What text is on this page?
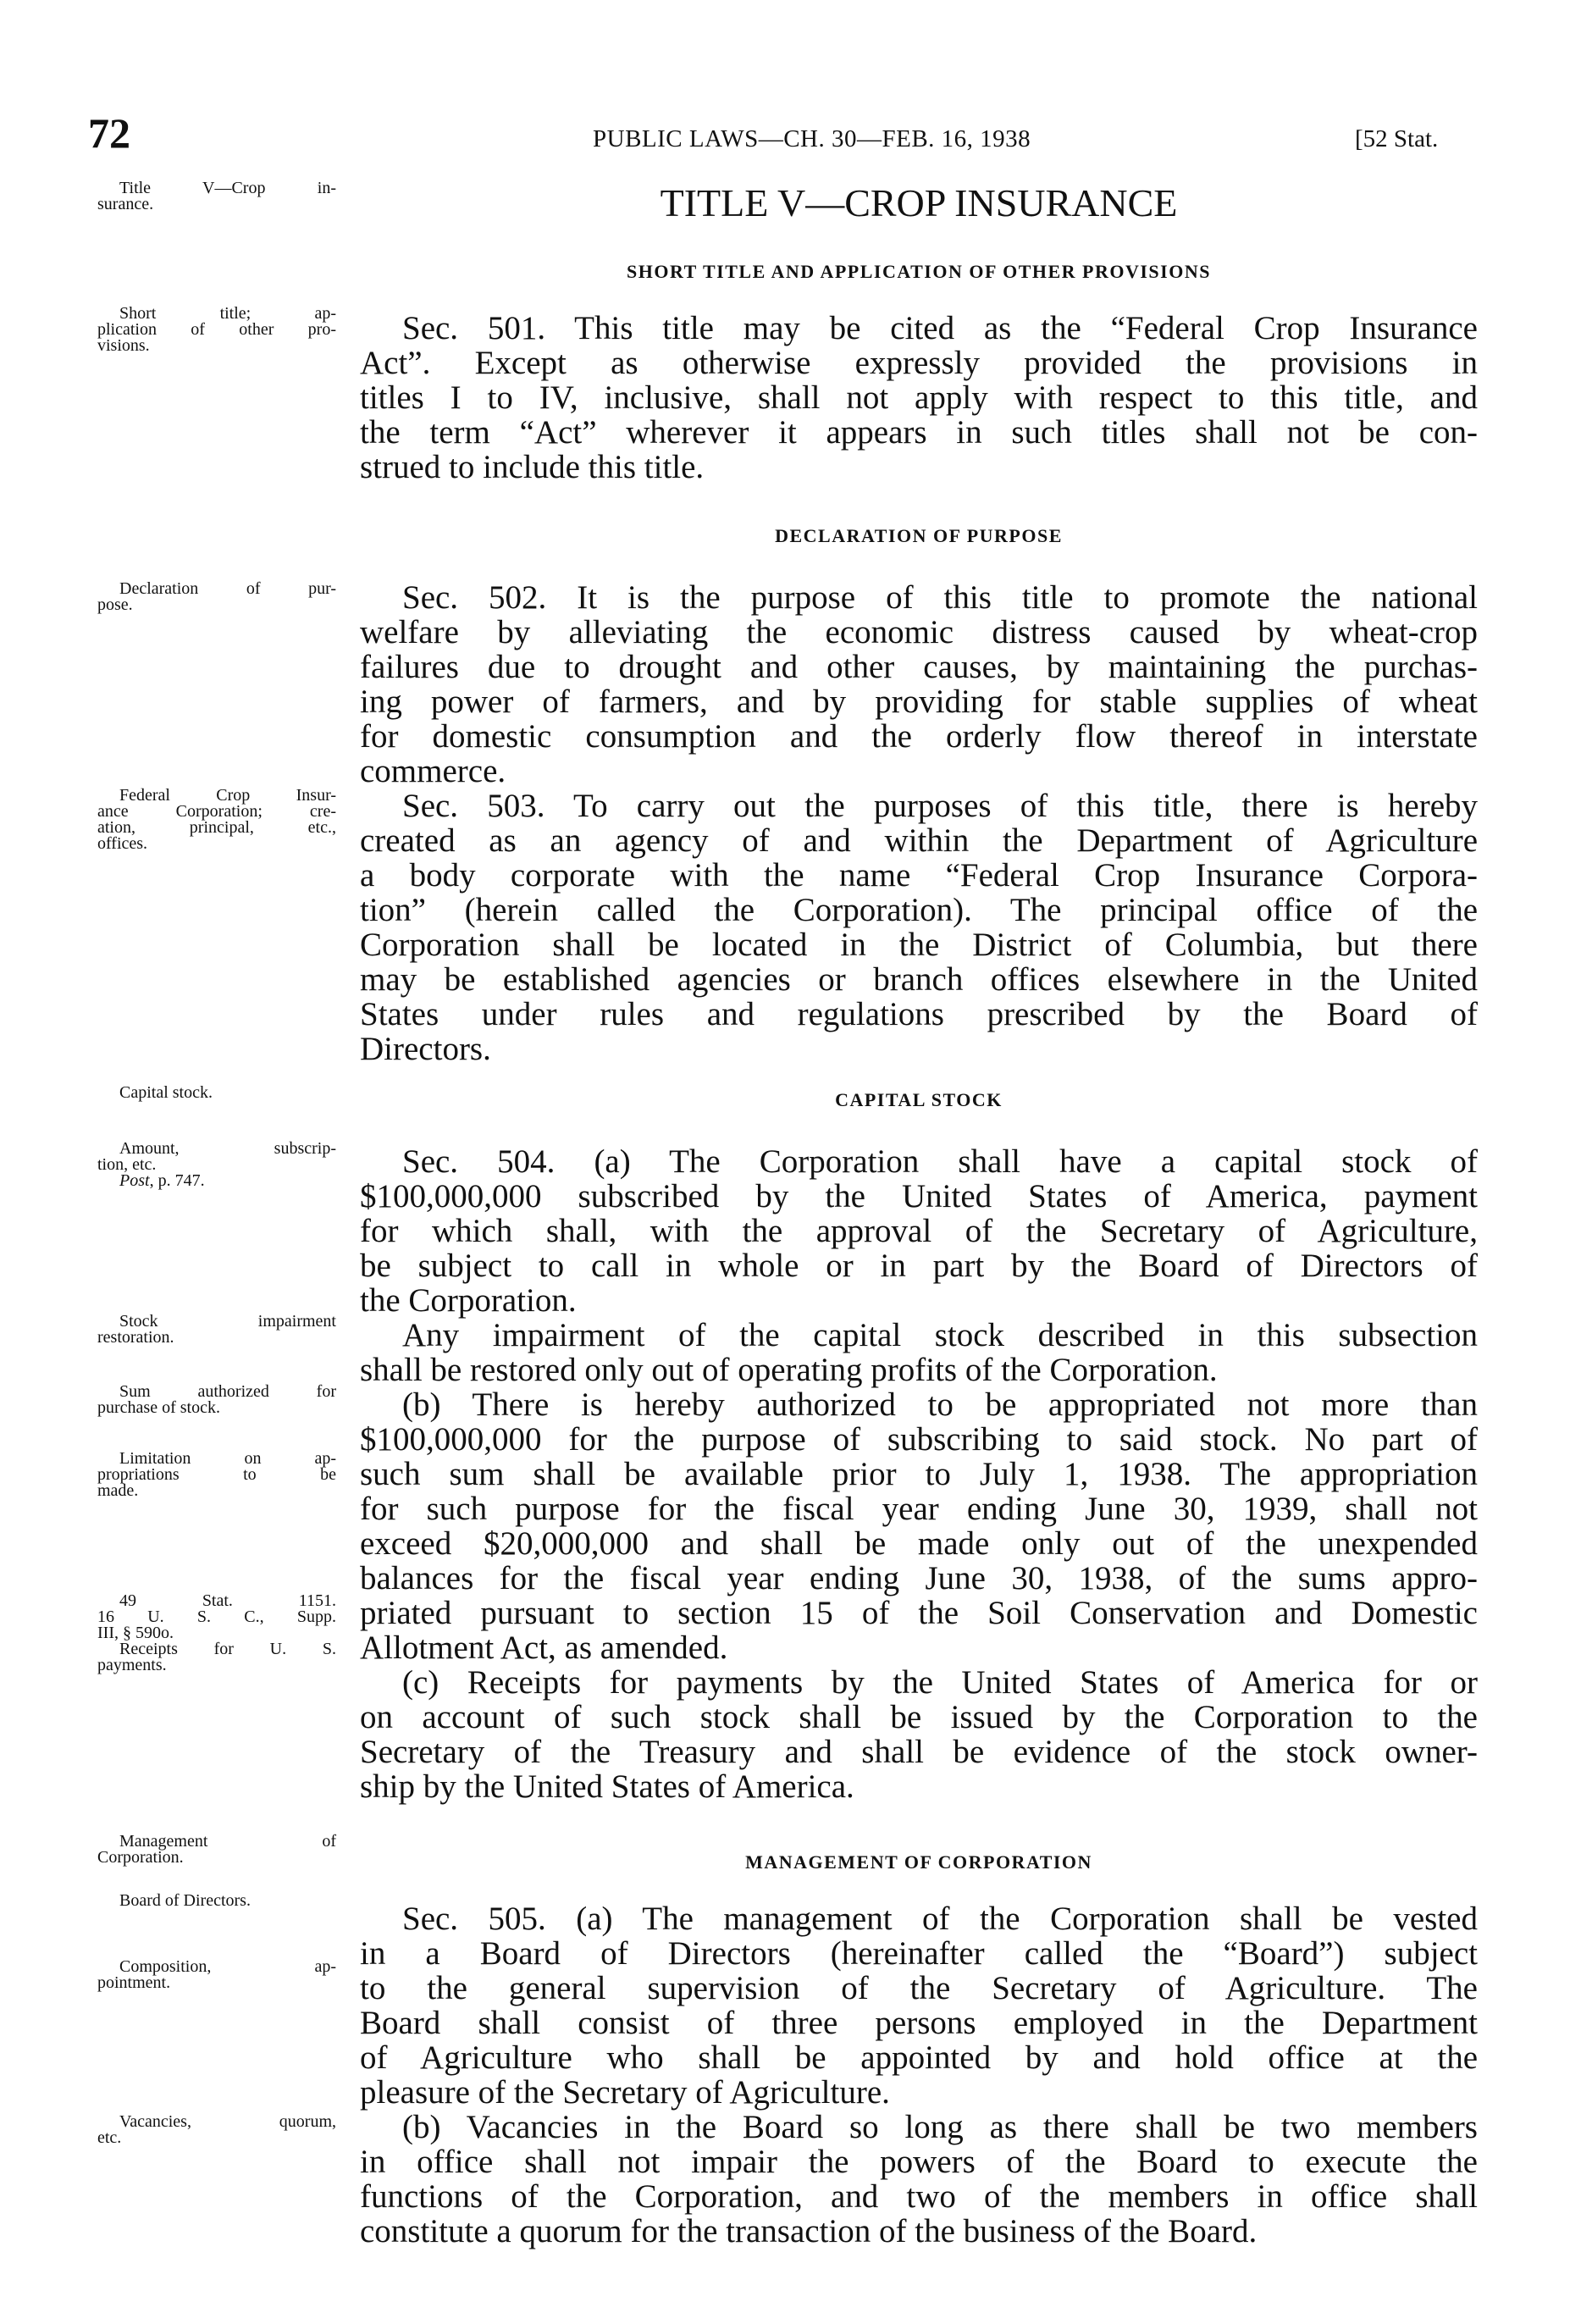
72	PUBLIC LAWS—CH. 30—FEB. 16, 1938	[52 Stat.
TITLE V—CROP INSURANCE
SHORT TITLE AND APPLICATION OF OTHER PROVISIONS
DECLARATION OF PURPOSE
CAPITAL STOCK
MANAGEMENT OF CORPORATION
Sec. 501. This title may be cited as the “Federal Crop Insurance
Act”. Except as otherwise expressly provided the provisions in
titles I to IV, inclusive, shall not apply with respect to this title, and
the term “Act” wherever it appears in such titles shall not be con-
strued to include this title.
Sec. 502. It is the purpose of this title to promote the national
welfare by alleviating the economic distress caused by wheat-crop
failures due to drought and other causes, by maintaining the purchas-
ing power of farmers, and by providing for stable supplies of wheat
for domestic consumption and the orderly flow thereof in interstate
commerce.
Sec. 503. To carry out the purposes of this title, there is hereby
created as an agency of and within the Department of Agriculture
a body corporate with the name “Federal Crop Insurance Corpora-
tion” (herein called the Corporation). The principal office of the
Corporation shall be located in the District of Columbia, but there
may be established agencies or branch offices elsewhere in the United
States under rules and regulations prescribed by the Board of
Directors.
Sec. 504. (a) The Corporation shall have a capital stock of
$100,000,000 subscribed by the United States of America, payment
for which shall, with the approval of the Secretary of Agriculture,
be subject to call in whole or in part by the Board of Directors of
the Corporation.
Any impairment of the capital stock described in this subsection
shall be restored only out of operating profits of the Corporation.
(b) There is hereby authorized to be appropriated not more than
$100,000,000 for the purpose of subscribing to said stock. No part of
such sum shall be available prior to July 1, 1938. The appropriation
for such purpose for the fiscal year ending June 30, 1939, shall not
exceed $20,000,000 and shall be made only out of the unexpended
balances for the fiscal year ending June 30, 1938, of the sums appro-
priated pursuant to section 15 of the Soil Conservation and Domestic
Allotment Act, as amended.
(c) Receipts for payments by the United States of America for or
on account of such stock shall be issued by the Corporation to the
Secretary of the Treasury and shall be evidence of the stock owner-
ship by the United States of America.
Sec. 505. (a) The management of the Corporation shall be vested
in a Board of Directors (hereinafter called the “Board”) subject
to the general supervision of the Secretary of Agriculture. The
Board shall consist of three persons employed in the Department
of Agriculture who shall be appointed by and hold office at the
pleasure of the Secretary of Agriculture.
(b) Vacancies in the Board so long as there shall be two members
in office shall not impair the powers of the Board to execute the
functions of the Corporation, and two of the members in office shall
constitute a quorum for the transaction of the business of the Board.
Title V—Crop in-
surance.
Short title; ap-
plication of other pro-
visions.
Declaration of pur-
pose.
Federal Crop Insur-
ance Corporation; cre-
ation, principal, etc.,
offices.
Capital stock.
Amount, subscrip-
tion, etc.
Post, p. 747.
Stock impairment
restoration.
Sum authorized for
purchase of stock.
Limitation on ap-
propriations to be
made.
49 Stat. 1151.
16 U. S. C., Supp.
III, § 590o.
Receipts for U. S.
payments.
Management of
Corporation.
Board of Directors.
Composition, ap-
pointment.
Vacancies, quorum,
etc.
